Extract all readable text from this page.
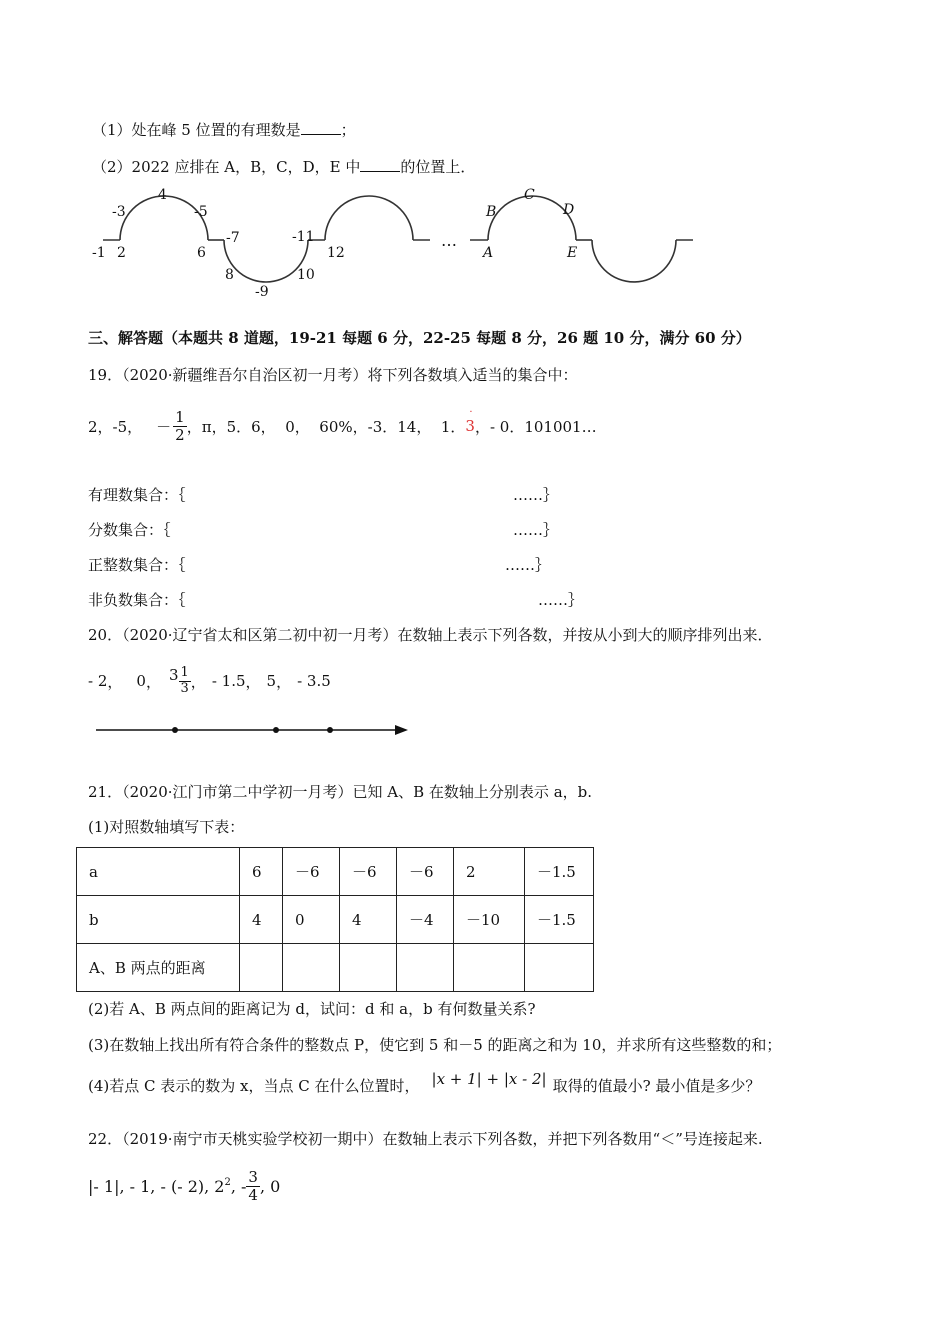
（1）处在峰 5 位置的有理数是	；
（2）2022 应排在 A，B，C，D，E 中	的位置上．
-1 2
-3
4
-5
6
-7
8
-9
10
-11
12
…
A
B
C
D
E
三、解答题（本题共 8 道题，19-21 每题 6 分，22-25 每题 8 分，26 题 10 分，满分 60 分）
19．（2020·新疆维吾尔自治区初一月考）将下列各数填入适当的集合中：
2，-5， － $\frac{1}{2}$ ，π，5．6，  0，  60%，-3．14，  1．
·
3 ，- 0．101001…
有理数集合：｛	……｝
分数集合：｛	……｝
正整数集合：｛	……｝
非负数集合：｛	……｝
20．（2020·辽宁省太和区第二初中初一月考）在数轴上表示下列各数，并按从小到大的顺序排列出来．
- 2 ， 0 ， $3 \frac{1}{3}$ ， - 1.5 ， 5 ， - 3.5
21．（2020·江门市第二中学初一月考）已知 A、B 在数轴上分别表示 a，b.
(1)对照数轴填写下表：
a	6	－6	－6	－6	2	－1.5
b	4	0	4	－4	－10	－1.5
A、B 两点的距离						
(2)若 A、B 两点间的距离记为 d，试问：d 和 a，b 有何数量关系?
(3)在数轴上找出所有符合条件的整数点 P，使它到 5 和－5 的距离之和为 10，并求所有这些整数的和；
(4)若点 C 表示的数为 x，当点 C 在什么位置时， |x + 1| + |x - 2| 取得的值最小? 最小值是多少？
22．（2019·南宁市天桃实验学校初一期中）在数轴上表示下列各数，并把下列各数用“＜”号连接起来.
|- 1|, - 1, - (- 2), $2^2$ , - $\frac{3}{4}$ , 0
